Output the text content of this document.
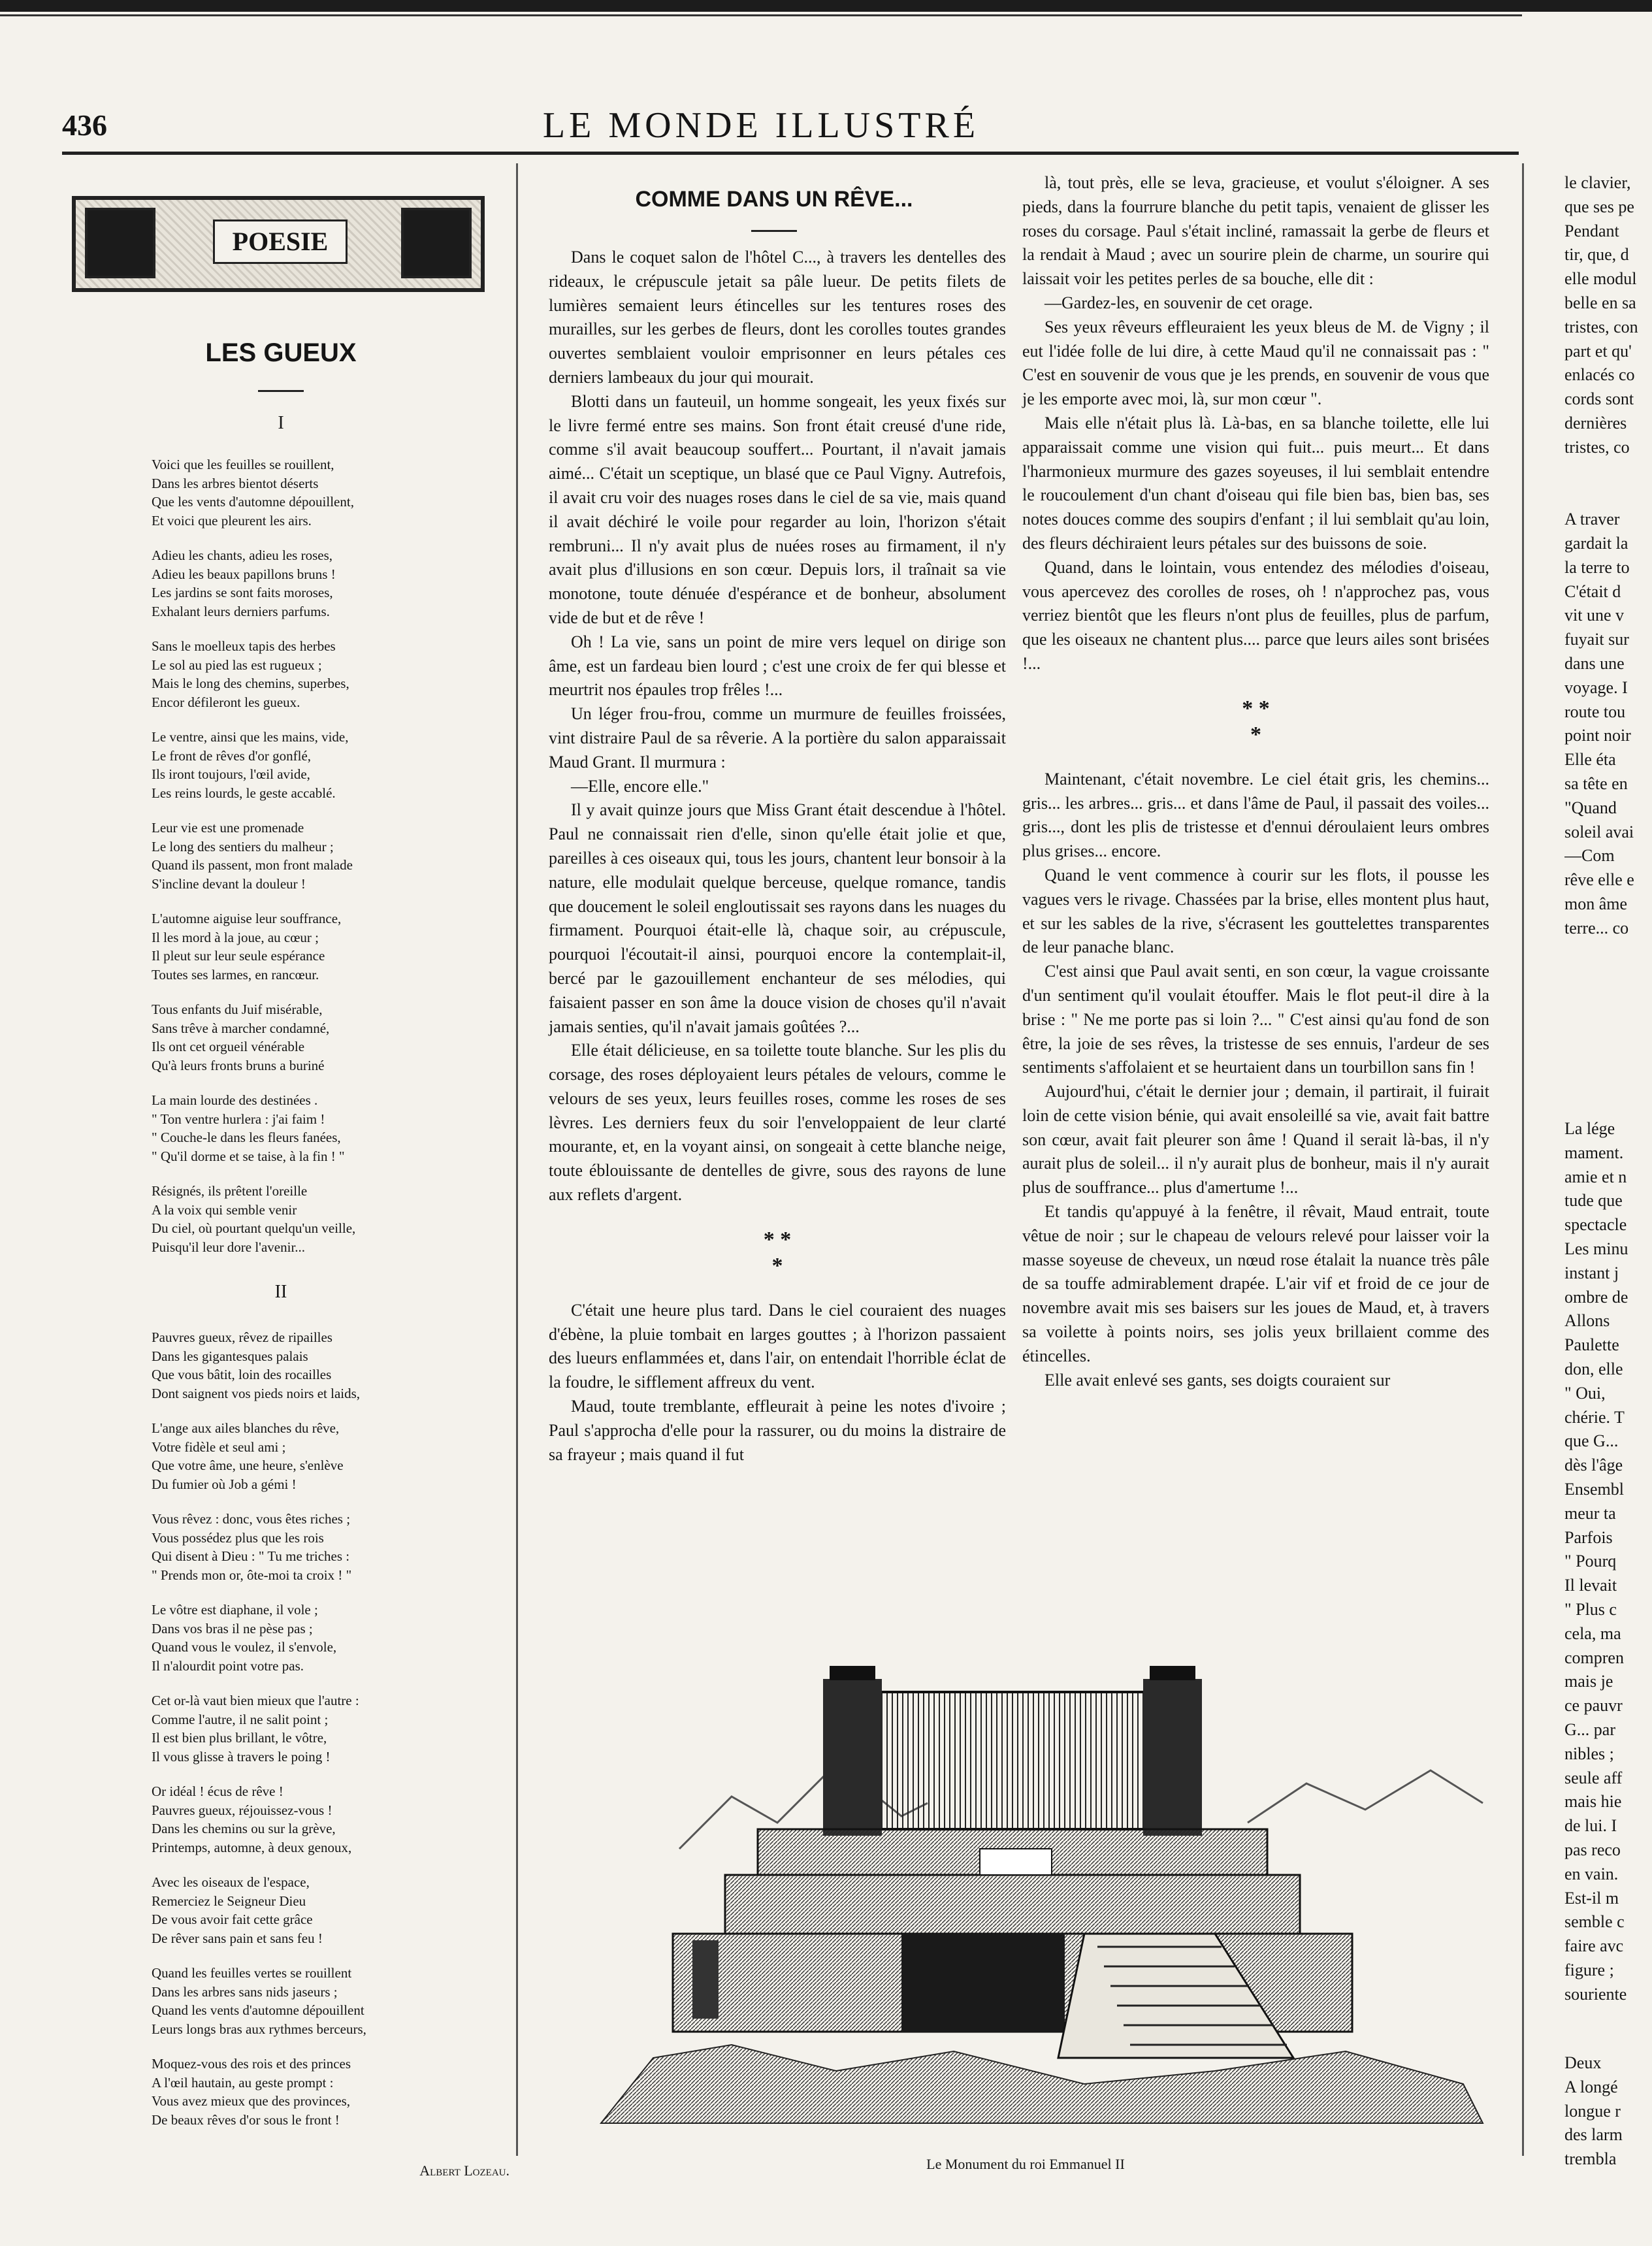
436	LE MONDE ILLUSTRÉ
POESIE
LES GUEUX
I
Voici que les feuilles se rouillent,
Dans les arbres bientot déserts
Que les vents d'automne dépouillent,
Et voici que pleurent les airs.
Adieu les chants, adieu les roses,
Adieu les beaux papillons bruns !
Les jardins se sont faits moroses,
Exhalant leurs derniers parfums.
Sans le moelleux tapis des herbes
Le sol au pied las est rugueux ;
Mais le long des chemins, superbes,
Encor défileront les gueux.
Le ventre, ainsi que les mains, vide,
Le front de rêves d'or gonflé,
Ils iront toujours, l'œil avide,
Les reins lourds, le geste accablé.
Leur vie est une promenade
Le long des sentiers du malheur ;
Quand ils passent, mon front malade
S'incline devant la douleur !
L'automne aiguise leur souffrance,
Il les mord à la joue, au cœur ;
Il pleut sur leur seule espérance
Toutes ses larmes, en rancœur.
Tous enfants du Juif misérable,
Sans trêve à marcher condamné,
Ils ont cet orgueil vénérable
Qu'à leurs fronts bruns a buriné
La main lourde des destinées .
" Ton ventre hurlera : j'ai faim !
" Couche-le dans les fleurs fanées,
" Qu'il dorme et se taise, à la fin ! "
Résignés, ils prêtent l'oreille
A la voix qui semble venir
Du ciel, où pourtant quelqu'un veille,
Puisqu'il leur dore l'avenir...
II
Pauvres gueux, rêvez de ripailles
Dans les gigantesques palais
Que vous bâtit, loin des rocailles
Dont saignent vos pieds noirs et laids,
L'ange aux ailes blanches du rêve,
Votre fidèle et seul ami ;
Que votre âme, une heure, s'enlève
Du fumier où Job a gémi !
Vous rêvez : donc, vous êtes riches ;
Vous possédez plus que les rois
Qui disent à Dieu : " Tu me triches :
" Prends mon or, ôte-moi ta croix ! "
Le vôtre est diaphane, il vole ;
Dans vos bras il ne pèse pas ;
Quand vous le voulez, il s'envole,
Il n'alourdit point votre pas.
Cet or-là vaut bien mieux que l'autre :
Comme l'autre, il ne salit point ;
Il est bien plus brillant, le vôtre,
Il vous glisse à travers le poing !
Or idéal ! écus de rêve !
Pauvres gueux, réjouissez-vous !
Dans les chemins ou sur la grève,
Printemps, automne, à deux genoux,
Avec les oiseaux de l'espace,
Remerciez le Seigneur Dieu
De vous avoir fait cette grâce
De rêver sans pain et sans feu !
Quand les feuilles vertes se rouillent
Dans les arbres sans nids jaseurs ;
Quand les vents d'automne dépouillent
Leurs longs bras aux rythmes berceurs,
Moquez-vous des rois et des princes
A l'œil hautain, au geste prompt :
Vous avez mieux que des provinces,
De beaux rêves d'or sous le front !
Albert Lozeau.
COMME DANS UN RÊVE...

Dans le coquet salon de l'hôtel C..., à travers les dentelles des rideaux, le crépuscule jetait sa pâle lueur. De petits filets de lumières semaient leurs étincelles sur les tentures roses des murailles, sur les gerbes de fleurs, dont les corolles toutes grandes ouvertes semblaient vouloir emprisonner en leurs pétales ces derniers lambeaux du jour qui mourait.

Blotti dans un fauteuil, un homme songeait, les yeux fixés sur le livre fermé entre ses mains. Son front était creusé d'une ride, comme s'il avait beaucoup souffert... Pourtant, il n'avait jamais aimé... C'était un sceptique, un blasé que ce Paul Vigny. Autrefois, il avait cru voir des nuages roses dans le ciel de sa vie, mais quand il avait déchiré le voile pour regarder au loin, l'horizon s'était rembruni... Il n'y avait plus de nuées roses au firmament, il n'y avait plus d'illusions en son cœur. Depuis lors, il traînait sa vie monotone, toute dénuée d'espérance et de bonheur, absolument vide de but et de rêve !

Oh ! La vie, sans un point de mire vers lequel on dirige son âme, est un fardeau bien lourd ; c'est une croix de fer qui blesse et meurtrit nos épaules trop frêles !...

Un léger frou-frou, comme un murmure de feuilles froissées, vint distraire Paul de sa rêverie. A la portière du salon apparaissait Maud Grant. Il murmura :

—Elle, encore elle."

Il y avait quinze jours que Miss Grant était descendue à l'hôtel. Paul ne connaissait rien d'elle, sinon qu'elle était jolie et que, pareilles à ces oiseaux qui, tous les jours, chantent leur bonsoir à la nature, elle modulait quelque berceuse, quelque romance, tandis que doucement le soleil engloutissait ses rayons dans les nuages du firmament. Pourquoi était-elle là, chaque soir, au crépuscule, pourquoi l'écoutait-il ainsi, pourquoi encore la contemplait-il, bercé par le gazouillement enchanteur de ses mélodies, qui faisaient passer en son âme la douce vision de choses qu'il n'avait jamais senties, qu'il n'avait jamais goûtées ?...

Elle était délicieuse, en sa toilette toute blanche. Sur les plis du corsage, des roses déployaient leurs pétales de velours, comme le velours de ses yeux, leurs feuilles roses, comme les roses de ses lèvres. Les derniers feux du soir l'enveloppaient de leur clarté mourante, et, en la voyant ainsi, on songeait à cette blanche neige, toute éblouissante de dentelles de givre, sous des rayons de lune aux reflets d'argent.

* *
*

C'était une heure plus tard. Dans le ciel couraient des nuages d'ébène, la pluie tombait en larges gouttes ; à l'horizon passaient des lueurs enflammées et, dans l'air, on entendait l'horrible éclat de la foudre, le sifflement affreux du vent.

Maud, toute tremblante, effleurait à peine les notes d'ivoire ; Paul s'approcha d'elle pour la rassurer, ou du moins la distraire de sa frayeur ; mais quand il fut

là, tout près, elle se leva, gracieuse, et voulut s'éloigner. A ses pieds, dans la fourrure blanche du petit tapis, venaient de glisser les roses du corsage. Paul s'était incliné, ramassait la gerbe de fleurs et la rendait à Maud ; avec un sourire plein de charme, un sourire qui laissait voir les petites perles de sa bouche, elle dit :

—Gardez-les, en souvenir de cet orage.

Ses yeux rêveurs effleuraient les yeux bleus de M. de Vigny ; il eut l'idée folle de lui dire, à cette Maud qu'il ne connaissait pas : " C'est en souvenir de vous que je les prends, en souvenir de vous que je les emporte avec moi, là, sur mon cœur ".

Mais elle n'était plus là. Là-bas, en sa blanche toilette, elle lui apparaissait comme une vision qui fuit... puis meurt... Et dans l'harmonieux murmure des gazes soyeuses, il lui semblait entendre le roucoulement d'un chant d'oiseau qui file bien bas, bien bas, ses notes douces comme des soupirs d'enfant ; il lui semblait qu'au loin, des fleurs déchiraient leurs pétales sur des buissons de soie.

Quand, dans le lointain, vous entendez des mélodies d'oiseau, vous apercevez des corolles de roses, oh ! n'approchez pas, vous verriez bientôt que les fleurs n'ont plus de feuilles, plus de parfum, que les oiseaux ne chantent plus.... parce que leurs ailes sont brisées !...

* *
*

Maintenant, c'était novembre. Le ciel était gris, les chemins... gris... les arbres... gris... et dans l'âme de Paul, il passait des voiles... gris..., dont les plis de tristesse et d'ennui déroulaient leurs ombres plus grises... encore.

Quand le vent commence à courir sur les flots, il pousse les vagues vers le rivage. Chassées par la brise, elles montent plus haut, et sur les sables de la rive, s'écrasent les gouttelettes transparentes de leur panache blanc.

C'est ainsi que Paul avait senti, en son cœur, la vague croissante d'un sentiment qu'il voulait étouffer. Mais le flot peut-il dire à la brise : " Ne me porte pas si loin ?... " C'est ainsi qu'au fond de son être, la joie de ses rêves, la tristesse de ses ennuis, l'ardeur de ses sentiments s'affolaient et se heurtaient dans un tourbillon sans fin !

Aujourd'hui, c'était le dernier jour ; demain, il partirait, il fuirait loin de cette vision bénie, qui avait ensoleillé sa vie, avait fait battre son cœur, avait fait pleurer son âme ! Quand il serait là-bas, il n'y aurait plus de soleil... il n'y aurait plus de bonheur, mais il n'y aurait plus de souffrance... plus d'amertume !...

Et tandis qu'appuyé à la fenêtre, il rêvait, Maud entrait, toute vêtue de noir ; sur le chapeau de velours relevé pour laisser voir la masse soyeuse de cheveux, un nœud rose étalait la nuance très pâle de sa touffe admirablement drapée. L'air vif et froid de ce jour de novembre avait mis ses baisers sur les joues de Maud, et, à travers sa voilette à points noirs, ses jolis yeux brillaient comme des étincelles.

Elle avait enlevé ses gants, ses doigts couraient sur

Le Monument du roi Emmanuel II
le clavier,
que ses pe
Pendant
tir, que, d
elle modul
belle en sa
tristes, con
part et qu'
enlacés co
cords sont
dernières
tristes, co
A traver
gardait la
la terre to
C'était d
vit une v
fuyait sur
dans une
voyage. I
route tou
point noir
Elle éta
sa tête en
"Quand
soleil avai
—Com
rêve elle e
mon âme
terre... co
La lége
mament.
amie et n
tude que
spectacle
Les minu
instant j
ombre de
Allons
Paulette
don, elle
" Oui,
chérie. T
que G...
dès l'âge
Ensembl
meur ta
Parfois
" Pourq
Il levait
" Plus c
cela, ma
compren
mais je
ce pauvr
G... par
nibles ;
seule aff
mais hie
de lui. I
pas reco
en vain.
Est-il m
semble c
faire avc
figure ;
souriente
Deux
A longé
longue r
des larm
trembla
